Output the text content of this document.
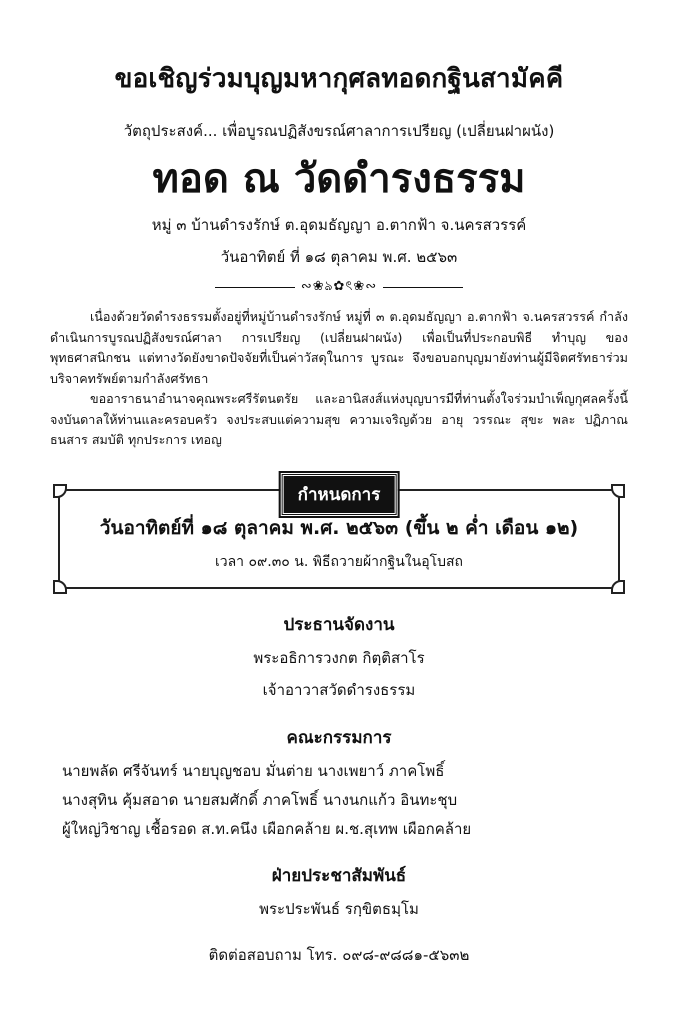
ขอเชิญร่วมบุญมหากุศลทอดกฐินสามัคคี
วัตถุประสงค์... เพื่อบูรณปฏิสังขรณ์ศาลาการเปรียญ (เปลี่ยนฝาผนัง)
ทอด ณ วัดดำรงธรรม
หมู่ ๓ บ้านดำรงรักษ์ ต.อุดมธัญญา อ.ตากฟ้า จ.นครสวรรค์
วันอาทิตย์ ที่ ๑๘ ตุลาคม พ.ศ. ๒๕๖๓
∾❀ঌ✿ৎ❀∾
เนื่องด้วยวัดดำรงธรรมตั้งอยู่ที่หมู่บ้านดำรงรักษ์ หมู่ที่ ๓ ต.อุดมธัญญา อ.ตากฟ้า จ.นครสวรรค์ กำลังดำเนินการบูรณปฏิสังขรณ์ศาลา การเปรียญ (เปลี่ยนฝาผนัง) เพื่อเป็นที่ประกอบพิธี ทำบุญ ของพุทธศาสนิกชน แต่ทางวัดยังขาดปัจจัยที่เป็นค่าวัสดุในการ บูรณะ จึงขอบอกบุญมายังท่านผู้มีจิตศรัทธาร่วมบริจาคทรัพย์ตามกำลังศรัทธา
ขออาราธนาอำนาจคุณพระศรีรัตนตรัย และอานิสงส์แห่งบุญบารมีที่ท่านตั้งใจร่วมบำเพ็ญกุศลครั้งนี้จงบันดาลให้ท่านและครอบครัว จงประสบแต่ความสุข ความเจริญด้วย อายุ วรรณะ สุขะ พละ ปฏิภาณ ธนสาร สมบัติ ทุกประการ เทอญ
กำหนดการ
วันอาทิตย์ที่ ๑๘ ตุลาคม พ.ศ. ๒๕๖๓ (ขึ้น ๒ ค่ำ เดือน ๑๒)
เวลา ๐๙.๓๐ น. พิธีถวายผ้ากฐินในอุโบสถ
ประธานจัดงาน
พระอธิการวงกต กิตฺติสาโร
เจ้าอาวาสวัดดำรงธรรม
คณะกรรมการ
นายพลัด ศรีจันทร์ นายบุญชอบ มั่นต่าย นางเพยาว์ ภาคโพธิ์
นางสุทิน คุ้มสอาด นายสมศักดิ์ ภาคโพธิ์ นางนกแก้ว อินทะชุบ
ผู้ใหญ่วิชาญ เชื้อรอด ส.ท.คนึง เผือกคล้าย ผ.ช.สุเทพ เผือกคล้าย
ฝ่ายประชาสัมพันธ์
พระประพันธ์ รกฺขิตธมฺโม
ติดต่อสอบถาม โทร. ๐๙๘-๙๘๘๑-๕๖๓๒
